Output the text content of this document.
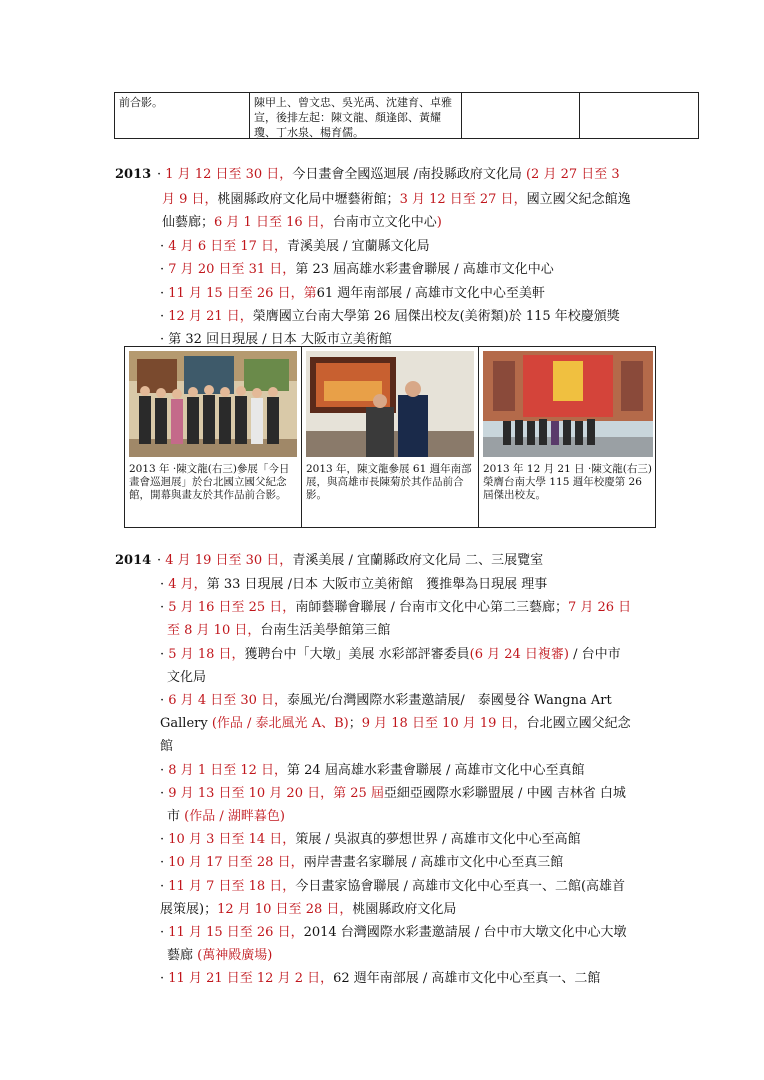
前合影。	陳甲上、曾文忠、吳光禹、沈建育、卓雅宣，後排左起：陳文龍、顏逢郎、黃耀瓊、丁水泉、楊育儒。
2013 · 1 月 12 日至 30 日，今日畫會全國巡迴展 /南投縣政府文化局 (2 月 27 日至 3
月 9 日，桃園縣政府文化局中壢藝術館；3 月 12 日至 27 日，國立國父紀念館逸
仙藝廊；6 月 1 日至 16 日，台南市立文化中心)
· 4 月 6 日至 17 日，青溪美展 / 宜蘭縣文化局
· 7 月 20 日至 31 日，第 23 屆高雄水彩畫會聯展 / 高雄市文化中心
· 11 月 15 日至 26 日，第61 週年南部展 / 高雄市文化中心至美軒
· 12 月 21 日，榮膺國立台南大學第 26 屆傑出校友(美術類)於 115 年校慶頒獎
· 第 32 回日現展 / 日本 大阪市立美術館
2013 年 ·陳文龍(右三)參展「今日畫會巡迴展」於台北國立國父紀念館，開幕與畫友於其作品前合影。
2013 年，陳文龍參展 61 週年南部展，與高雄市長陳菊於其作品前合影。
2013 年 12 月 21 日 ·陳文龍(右三)榮膺台南大學 115 週年校慶第 26 屆傑出校友。
2014 · 4 月 19 日至 30 日，青溪美展 / 宜蘭縣政府文化局 二、三展覽室
· 4 月，第 33 日現展 /日本 大阪市立美術館　獲推舉為日現展 理事
· 5 月 16 日至 25 日，南師藝聯會聯展 / 台南市文化中心第二三藝廊；7 月 26 日
至 8 月 10 日，台南生活美學館第三館
· 5 月 18 日，獲聘台中「大墩」美展 水彩部評審委員(6 月 24 日複審) / 台中市
文化局
· 6 月 4 日至 30 日，泰風光/台灣國際水彩畫邀請展/　泰國曼谷 Wangna Art
Gallery (作品 / 泰北風光 A、B)；9 月 18 日至 10 月 19 日，台北國立國父紀念
館
· 8 月 1 日至 12 日，第 24 屆高雄水彩畫會聯展 / 高雄市文化中心至真館
· 9 月 13 日至 10 月 20 日，第 25 屆亞細亞國際水彩聯盟展 / 中國 吉林省 白城
市 (作品 / 湖畔暮色)
· 10 月 3 日至 14 日，策展 / 吳淑真的夢想世界 / 高雄市文化中心至高館
· 10 月 17 日至 28 日，兩岸書畫名家聯展 / 高雄市文化中心至真三館
· 11 月 7 日至 18 日，今日畫家協會聯展 / 高雄市文化中心至真一、二館(高雄首
展策展)；12 月 10 日至 28 日，桃園縣政府文化局
· 11 月 15 日至 26 日，2014 台灣國際水彩畫邀請展 / 台中市大墩文化中心大墩
藝廊 (萬神殿廣場)
· 11 月 21 日至 12 月 2 日，62 週年南部展 / 高雄市文化中心至真一、二館
